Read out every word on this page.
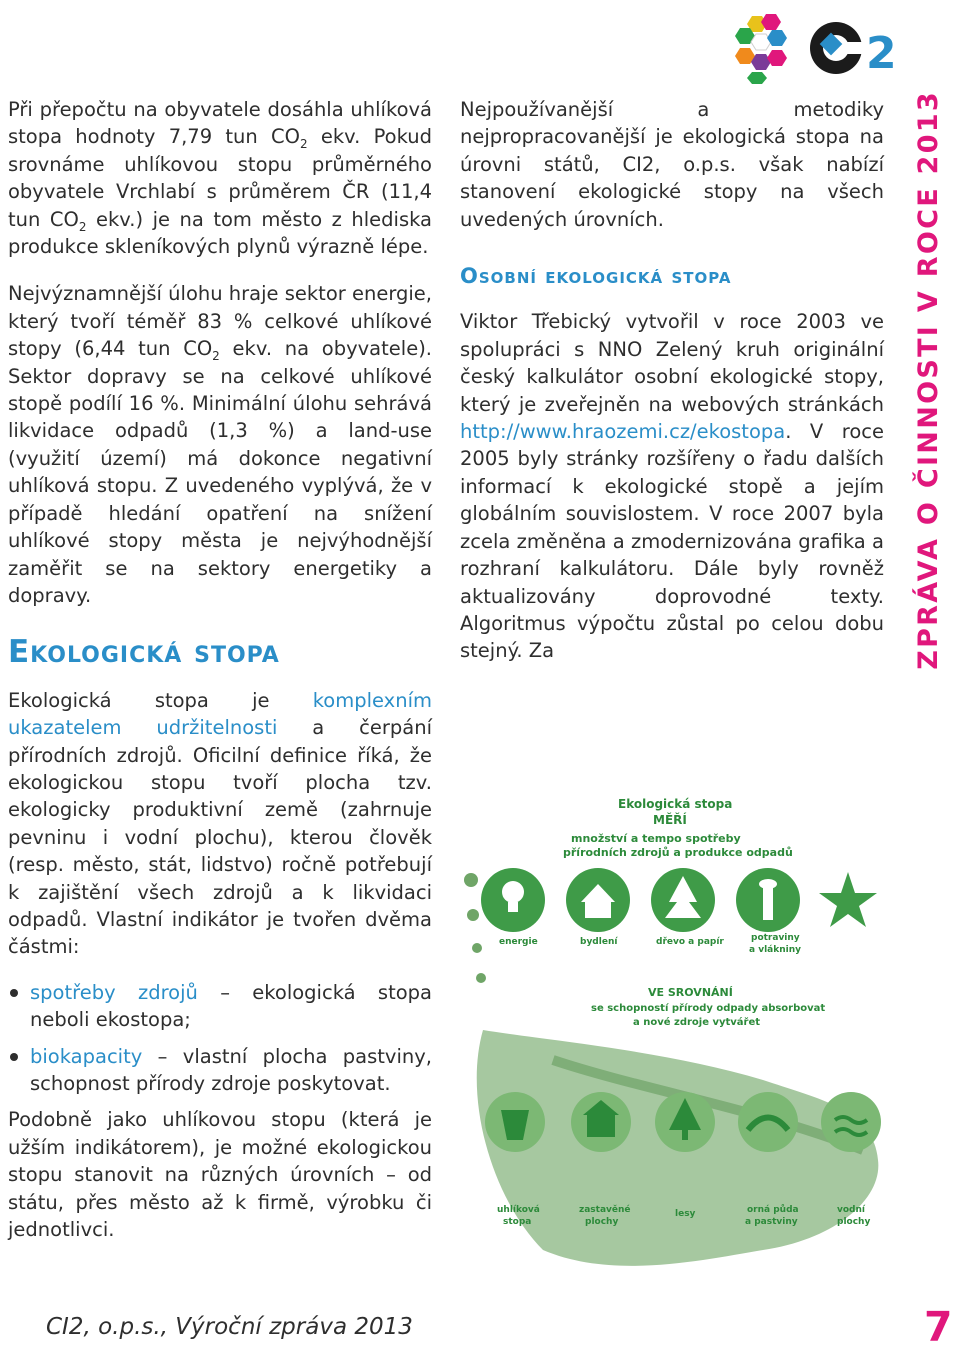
2

Při přepočtu na obyvatele dosáhla uhlíková stopa hodnoty 7,79 tun $CO_2$ ekv. Pokud srovnáme uhlíkovou stopu průměrného obyvatele Vrchlabí s průměrem ČR (11,4 tun $CO_2$ ekv.) je na tom město z hlediska produkce skleníkových plynů výrazně lépe.

Nejvýznamnější úlohu hraje sektor energie, který tvoří téměř 83 % celkové uhlíkové stopy (6,44 tun $CO_2$ ekv. na obyvatele). Sektor dopravy se na celkové uhlíkové stopě podílí 16 %. Minimální úlohu sehrává likvidace odpadů (1,3 %) a land-use (využití území) má dokonce negativní uhlíková stopu. Z uvedeného vyplývá, že v případě hledání opatření na snížení uhlíkové stopy města je nejvýhodnější zaměřit se na sektory energetiky a dopravy.

Ekologická stopa

Ekologická stopa je komplexním ukazatelem udržitelnosti a čerpání přírodních zdrojů. Oficilní definice říká, že ekologickou stopu tvoří plocha tzv. ekologicky produktivní země (zahrnuje pevninu i vodní plochu), kterou člověk (resp. město, stát, lidstvo) ročně potřebují k zajištění všech zdrojů a k likvidaci odpadů. Vlastní indikátor je tvořen dvěma částmi:

spotřeby zdrojů – ekologická stopa neboli ekostopa;
biokapacity – vlastní plocha pastviny, schopnost přírody zdroje poskytovat.

Podobně jako uhlíkovou stopu (která je užším indikátorem), je možné ekologickou stopu stanovit na různých úrovních – od státu, přes město až k firmě, výrobku či jednotlivci.

Nejpoužívanější a metodiky nejpropracovanější je ekologická stopa na úrovni států, CI2, o.p.s. však nabízí stanovení ekologické stopy na všech uvedených úrovních.

Osobní ekologická stopa

Viktor Třebický vytvořil v roce 2003 ve spolupráci s NNO Zelený kruh originální český kalkulátor osobní ekologické stopy, který je zveřejněn na webových stránkách http://www.hraozemi.cz/ekostopa. V roce 2005 byly stránky rozšířeny o řadu dalších informací k ekologické stopě a jejím globálním souvislostem. V roce 2007 byla zcela změněna a zmodernizována grafika a rozhraní kalkulátoru. Dále byly rovněž aktualizovány doprovodné texty. Algoritmus výpočtu zůstal po celou dobu stejný. Za

Ekologická stopa
MĚŘÍ
množství a tempo spotřeby
přírodních zdrojů a produkce odpadů
energie	bydlení	dřevo a papír	potraviny
a vlákniny
VE SROVNÁNÍ
se schopností přírody odpady absorbovat
a nové zdroje vytvářet
uhlíková
stopa
zastavěné
plochy
lesy	orná půda
a pastviny
vodní
plochy
ZPRÁVA O ČINNOSTI V ROCE 2013
CI2, o.p.s., Výroční zpráva 2013	7
